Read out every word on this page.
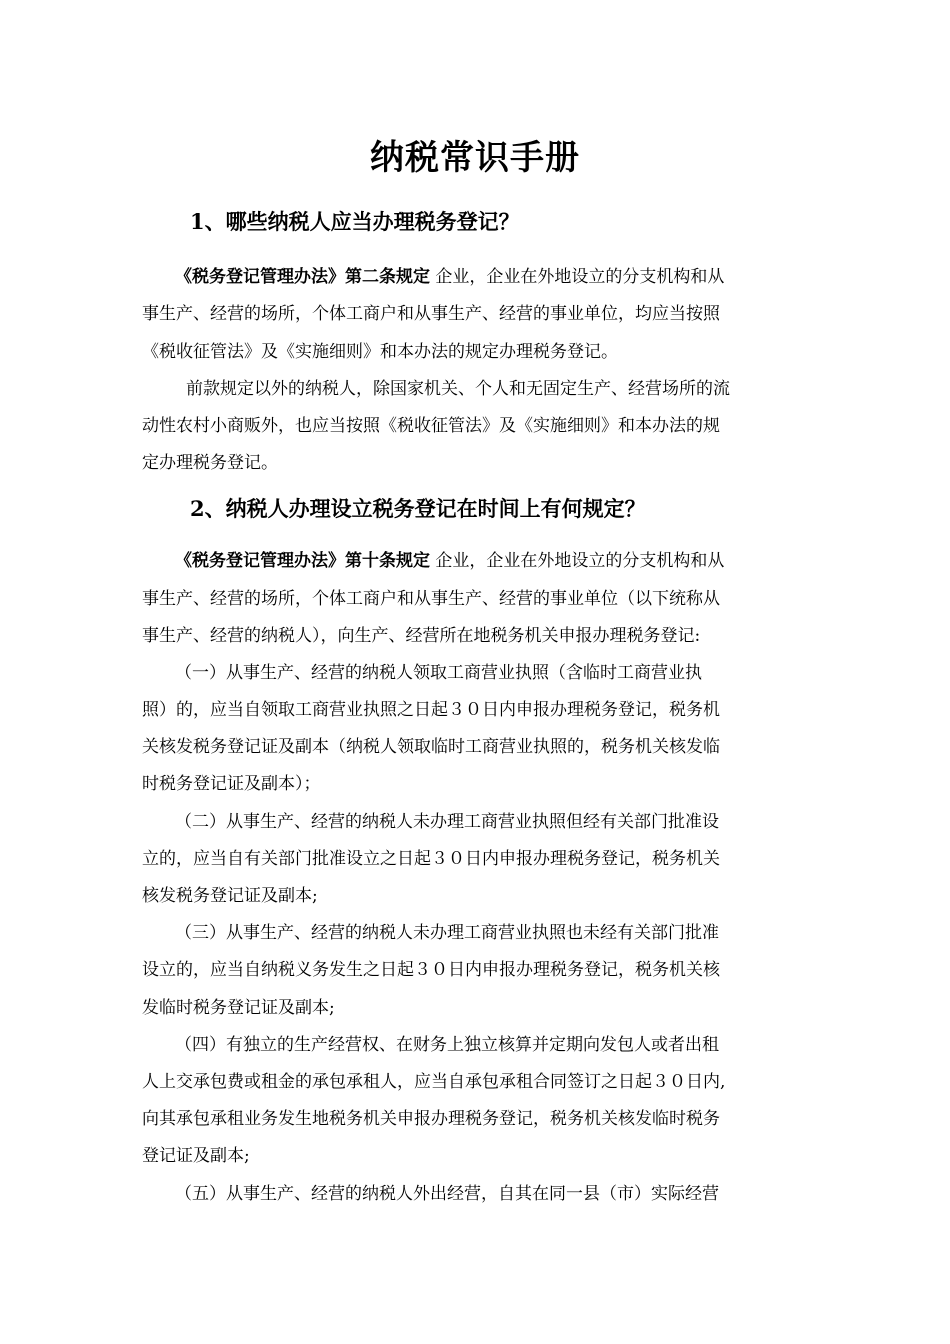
纳税常识手册
1、哪些纳税人应当办理税务登记？
《税务登记管理办法》第二条规定 企业，企业在外地设立的分支机构和从
事生产、经营的场所，个体工商户和从事生产、经营的事业单位，均应当按照
《税收征管法》及《实施细则》和本办法的规定办理税务登记。
前款规定以外的纳税人，除国家机关、个人和无固定生产、经营场所的流
动性农村小商贩外，也应当按照《税收征管法》及《实施细则》和本办法的规
定办理税务登记。
2、纳税人办理设立税务登记在时间上有何规定？
《税务登记管理办法》第十条规定 企业，企业在外地设立的分支机构和从
事生产、经营的场所，个体工商户和从事生产、经营的事业单位（以下统称从
事生产、经营的纳税人），向生产、经营所在地税务机关申报办理税务登记:
（一）从事生产、经营的纳税人领取工商营业执照（含临时工商营业执
照）的，应当自领取工商营业执照之日起３０日内申报办理税务登记，税务机
关核发税务登记证及副本（纳税人领取临时工商营业执照的，税务机关核发临
时税务登记证及副本）；
（二）从事生产、经营的纳税人未办理工商营业执照但经有关部门批准设
立的，应当自有关部门批准设立之日起３０日内申报办理税务登记，税务机关
核发税务登记证及副本;
（三）从事生产、经营的纳税人未办理工商营业执照也未经有关部门批准
设立的，应当自纳税义务发生之日起３０日内申报办理税务登记，税务机关核
发临时税务登记证及副本;
（四）有独立的生产经营权、在财务上独立核算并定期向发包人或者出租
人上交承包费或租金的承包承租人，应当自承包承租合同签订之日起３０日内,
向其承包承租业务发生地税务机关申报办理税务登记，税务机关核发临时税务
登记证及副本;
（五）从事生产、经营的纳税人外出经营，自其在同一县（市）实际经营
